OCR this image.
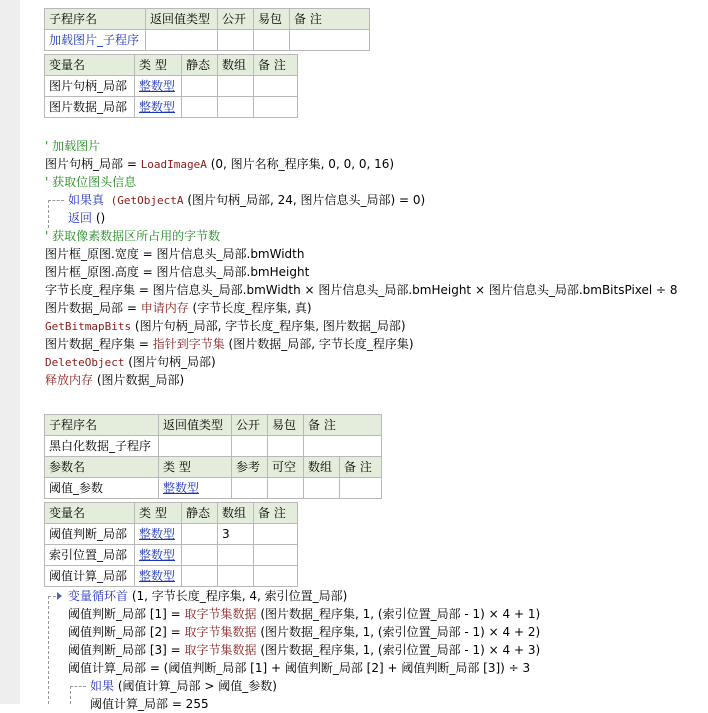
子程序名	返回值类型	公开	易包	备 注
加载图片_子程序				
变量名	类 型	静态	数组	备 注
图片句柄_局部	整数型			
图片数据_局部	整数型			
' 加载图片
图片句柄_局部 = LoadImageA (0, 图片名称_程序集, 0, 0, 0, 16)
' 获取位图头信息
如果真 (GetObjectA (图片句柄_局部, 24, 图片信息头_局部) = 0)
返回 ()
' 获取像素数据区所占用的字节数
图片框_原图.宽度 = 图片信息头_局部.bmWidth
图片框_原图.高度 = 图片信息头_局部.bmHeight
字节长度_程序集 = 图片信息头_局部.bmWidth × 图片信息头_局部.bmHeight × 图片信息头_局部.bmBitsPixel ÷ 8
图片数据_局部 = 申请内存 (字节长度_程序集, 真)
GetBitmapBits (图片句柄_局部, 字节长度_程序集, 图片数据_局部)
图片数据_程序集 = 指针到字节集 (图片数据_局部, 字节长度_程序集)
DeleteObject (图片句柄_局部)
释放内存 (图片数据_局部)
子程序名	返回值类型	公开	易包	备 注	
黑白化数据_子程序					
参数名	类 型	参考	可空	数组	备 注
阈值_参数	整数型				
变量名	类 型	静态	数组	备 注
阈值判断_局部	整数型		3	
索引位置_局部	整数型			
阈值计算_局部	整数型			
变量循环首 (1, 字节长度_程序集, 4, 索引位置_局部)
阈值判断_局部 [1] = 取字节集数据 (图片数据_程序集, 1, (索引位置_局部 - 1) × 4 + 1)
阈值判断_局部 [2] = 取字节集数据 (图片数据_程序集, 1, (索引位置_局部 - 1) × 4 + 2)
阈值判断_局部 [3] = 取字节集数据 (图片数据_程序集, 1, (索引位置_局部 - 1) × 4 + 3)
阈值计算_局部 = (阈值判断_局部 [1] + 阈值判断_局部 [2] + 阈值判断_局部 [3]) ÷ 3
如果 (阈值计算_局部 > 阈值_参数)
阈值计算_局部 = 255
